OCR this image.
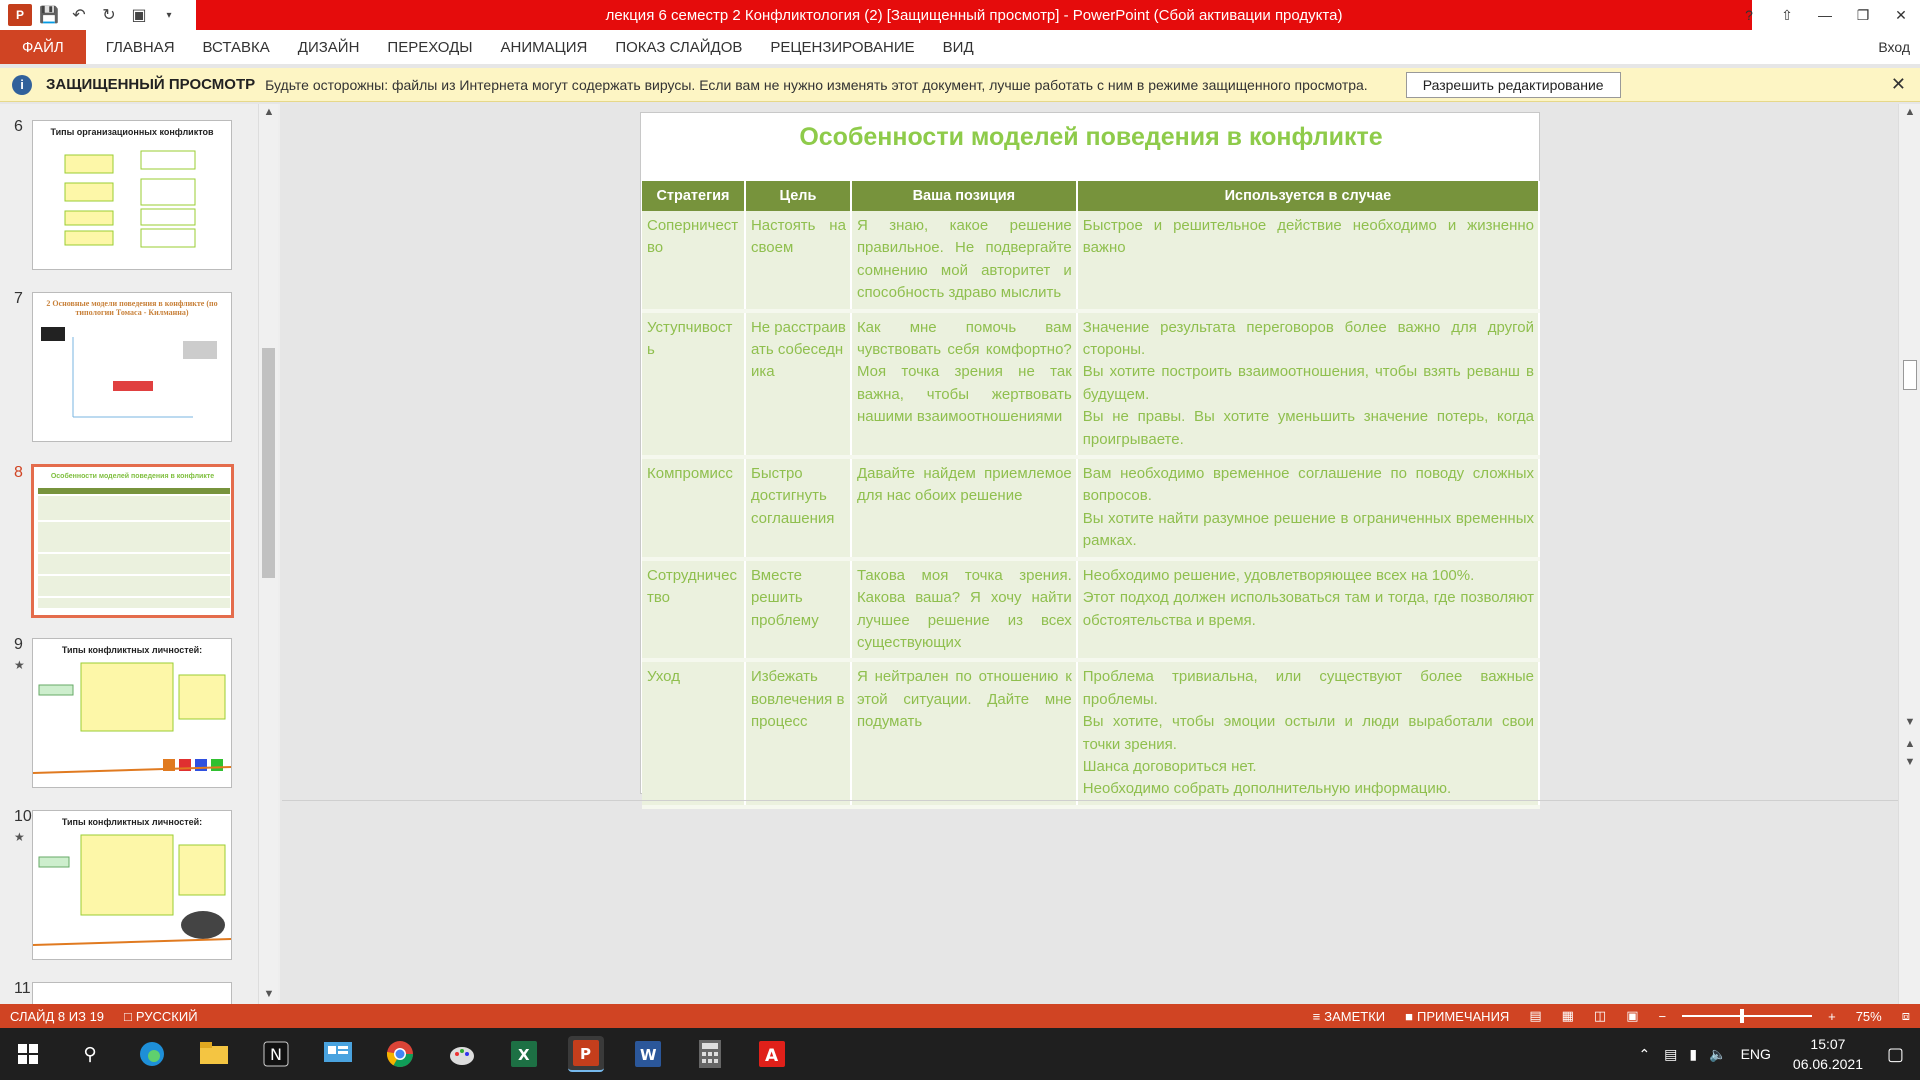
P 💾 ↶	↻ ▣	▾	лекция 6 семестр 2 Конфликтология (2) [Защищенный просмотр] - PowerPoint (Сбой активации продукта)	?	⇧	—	❐	✕
ФАЙЛ	ГЛАВНАЯ	ВСТАВКА	ДИЗАЙН	ПЕРЕХОДЫ	АНИМАЦИЯ	ПОКАЗ СЛАЙДОВ	РЕЦЕНЗИРОВАНИЕ	ВИД	Вход
i	ЗАЩИЩЕННЫЙ ПРОСМОТР Будьте осторожны: файлы из Интернета могут содержать вирусы. Если вам не нужно изменять этот документ, лучше работать с ним в режиме защищенного просмотра.	Разрешить редактирование	✕
6	Типы организационных конфликтов
7	2 Основные модели поведения в конфликте (по типологии Томаса - Килманна)
8	Особенности моделей поведения в конфликте
9
★
Типы конфликтных личностей:
10
★
Типы конфликтных личностей:
11
▲
▼
Особенности моделей поведения в конфликте
Стратегия	Цель	Ваша позиция	Используется в случае
Соперничество	Настоять на своем	Я знаю, какое решение правильное. Не подвергайте сомнению мой авторитет и способность здраво мыслить	Быстрое и решительное действие необходимо и жизненно важно

Уступчивость	Не расстраивать собеседника	Как мне помочь вам чувствовать себя комфортно? Моя точка зрения не так важна, чтобы жертвовать нашими взаимоотношениями	Значение результата переговоров более важно для другой стороны.
Вы хотите построить взаимоотношения, чтобы взять реванш в будущем.
Вы не правы. Вы хотите уменьшить значение потерь, когда проигрываете.

Компромисс	Быстро достигнуть соглашения	Давайте найдем приемлемое для нас обоих решение	Вам необходимо временное соглашение по поводу сложных вопросов.
Вы хотите найти разумное решение в ограниченных временных рамках.

Сотрудничество	Вместе решить проблему	Такова моя точка зрения. Какова ваша? Я хочу найти лучшее решение из всех существующих	Необходимо решение, удовлетворяющее всех на 100%.
Этот подход должен использоваться там и тогда, где позволяют обстоятельства и время.

Уход	Избежать вовлечения в процесс	Я нейтрален по отношению к этой ситуации. Дайте мне подумать	Проблема тривиальна, или существуют более важные проблемы.
Вы хотите, чтобы эмоции остыли и люди выработали свои точки зрения.
Шанса договориться нет.
Необходимо собрать дополнительную информацию.
▲
▼
▲︎
▼︎
СЛАЙД 8 ИЗ 19	□ РУССКИЙ	≡ ЗАМЕТКИ ■ ПРИМЕЧАНИЯ	▤	▦	◫	▣	−	+	75%	⧈
⚲	N	X	P	W	A	⌃ ▤ ▮ 🔈 ENG
15:07
06.06.2021
▢
